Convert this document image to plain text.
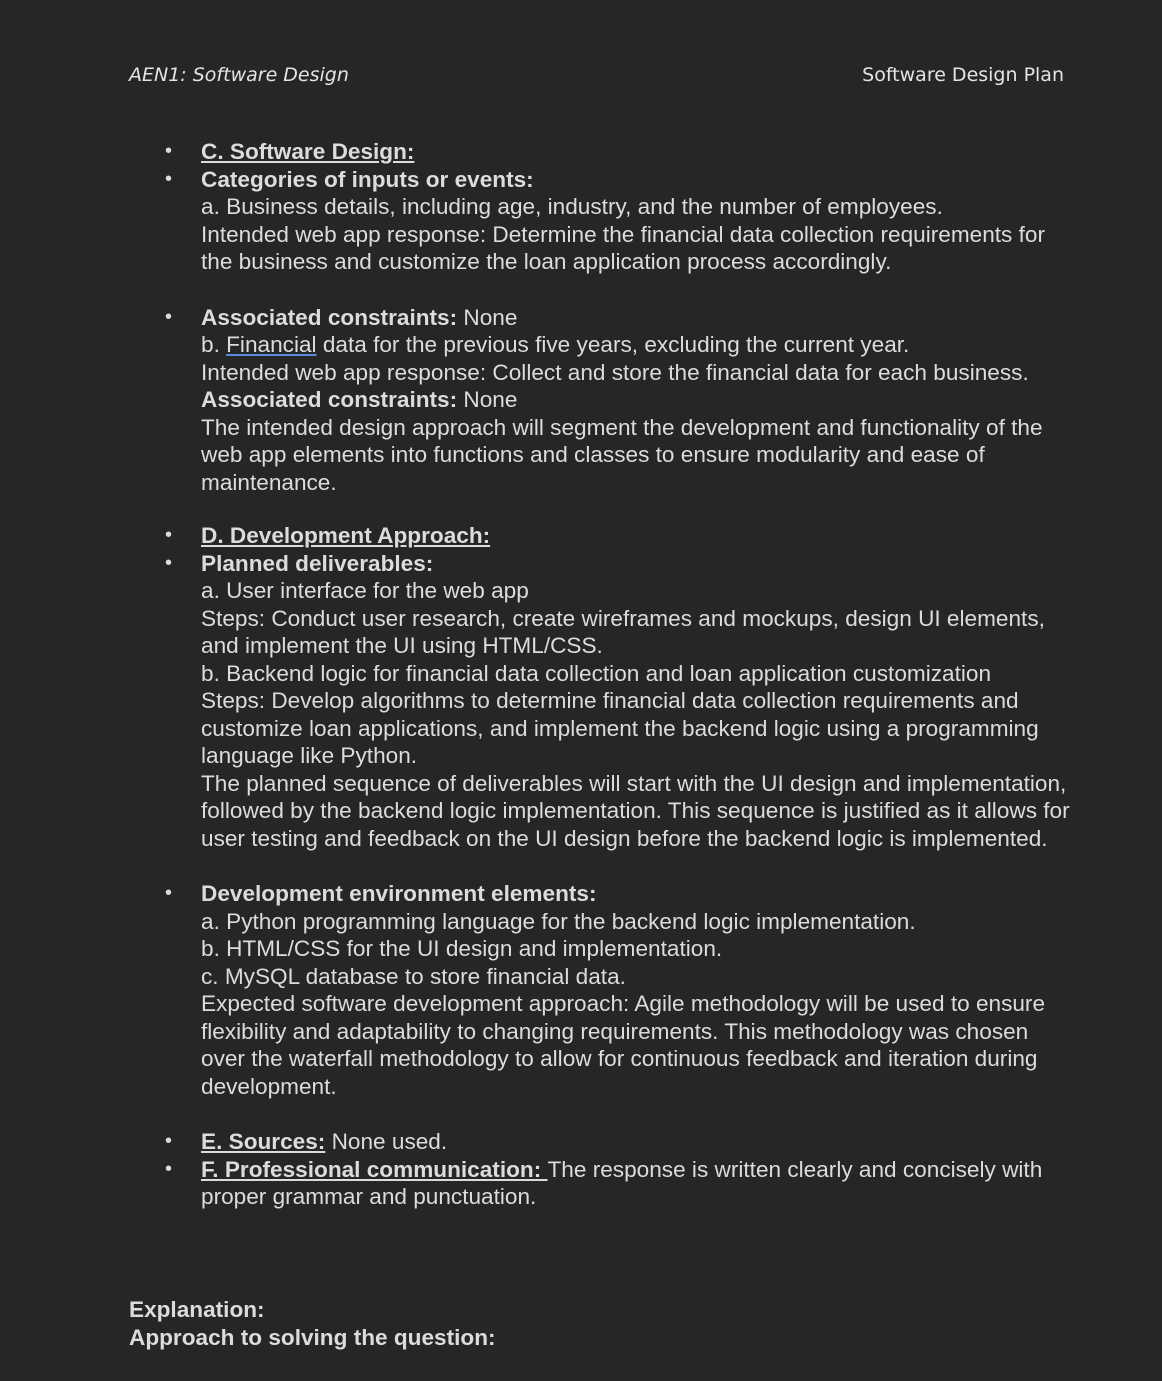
AEN1: Software Design	Software Design Plan
• C. Software Design:
• Categories of inputs or events:
a. Business details, including age, industry, and the number of employees.
Intended web app response: Determine the financial data collection requirements for the business and customize the loan application process accordingly.
• Associated constraints: None
b. Financial data for the previous five years, excluding the current year.
Intended web app response: Collect and store the financial data for each business.
Associated constraints: None
The intended design approach will segment the development and functionality of the web app elements into functions and classes to ensure modularity and ease of maintenance.
• D. Development Approach:
• Planned deliverables:
a. User interface for the web app
Steps: Conduct user research, create wireframes and mockups, design UI elements, and implement the UI using HTML/CSS.
b. Backend logic for financial data collection and loan application customization
Steps: Develop algorithms to determine financial data collection requirements and customize loan applications, and implement the backend logic using a programming language like Python.
The planned sequence of deliverables will start with the UI design and implementation, followed by the backend logic implementation. This sequence is justified as it allows for user testing and feedback on the UI design before the backend logic is implemented.
• Development environment elements:
a. Python programming language for the backend logic implementation.
b. HTML/CSS for the UI design and implementation.
c. MySQL database to store financial data.
Expected software development approach: Agile methodology will be used to ensure flexibility and adaptability to changing requirements. This methodology was chosen over the waterfall methodology to allow for continuous feedback and iteration during development.
• E. Sources: None used.
• F. Professional communication: The response is written clearly and concisely with proper grammar and punctuation.
Explanation:
Approach to solving the question:
